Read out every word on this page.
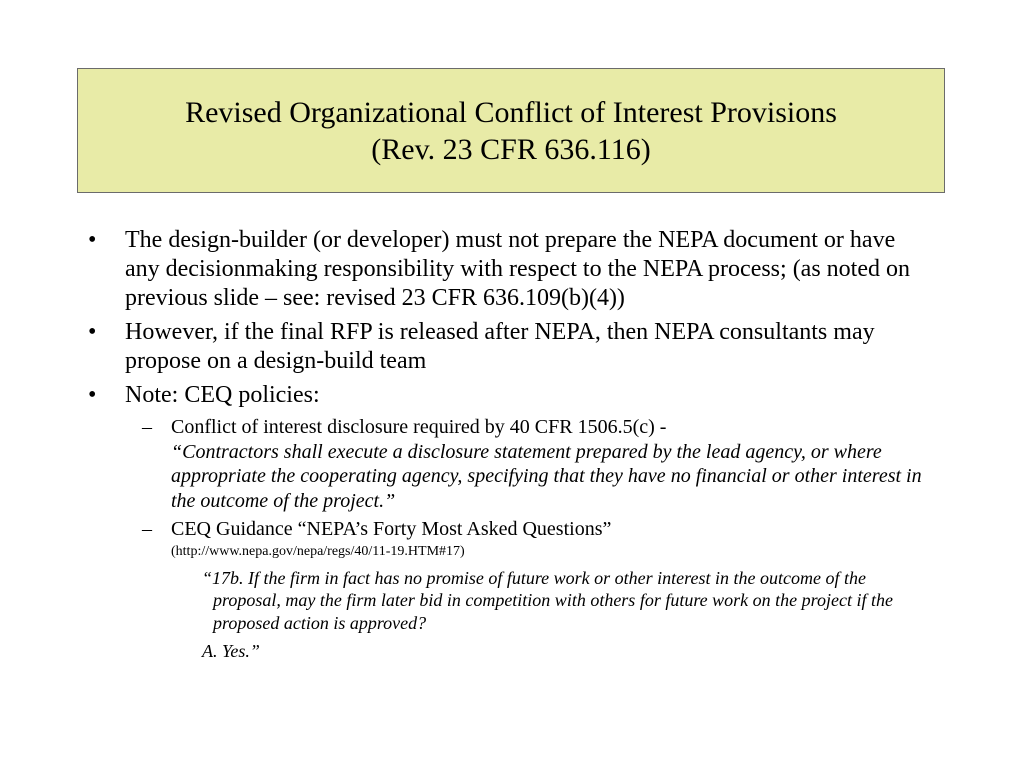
Revised Organizational Conflict of Interest Provisions
(Rev. 23 CFR 636.116)
• The design-builder (or developer) must not prepare the NEPA document or have any decisionmaking responsibility with respect to the NEPA process; (as noted on previous slide – see: revised 23 CFR 636.109(b)(4))
• However, if the final RFP is released after NEPA, then NEPA consultants may propose on a design-build team
• Note: CEQ policies:
– Conflict of interest disclosure required by 40 CFR 1506.5(c) -
“Contractors shall execute a disclosure statement prepared by the lead agency, or where appropriate the cooperating agency, specifying that they have no financial or other interest in the outcome of the project.”
– CEQ Guidance “NEPA’s Forty Most Asked Questions”
(http://www.nepa.gov/nepa/regs/40/11-19.HTM#17)
“17b. If the firm in fact has no promise of future work or other interest in the outcome of the proposal, may the firm later bid in competition with others for future work on the project if the proposed action is approved?
A. Yes.”
